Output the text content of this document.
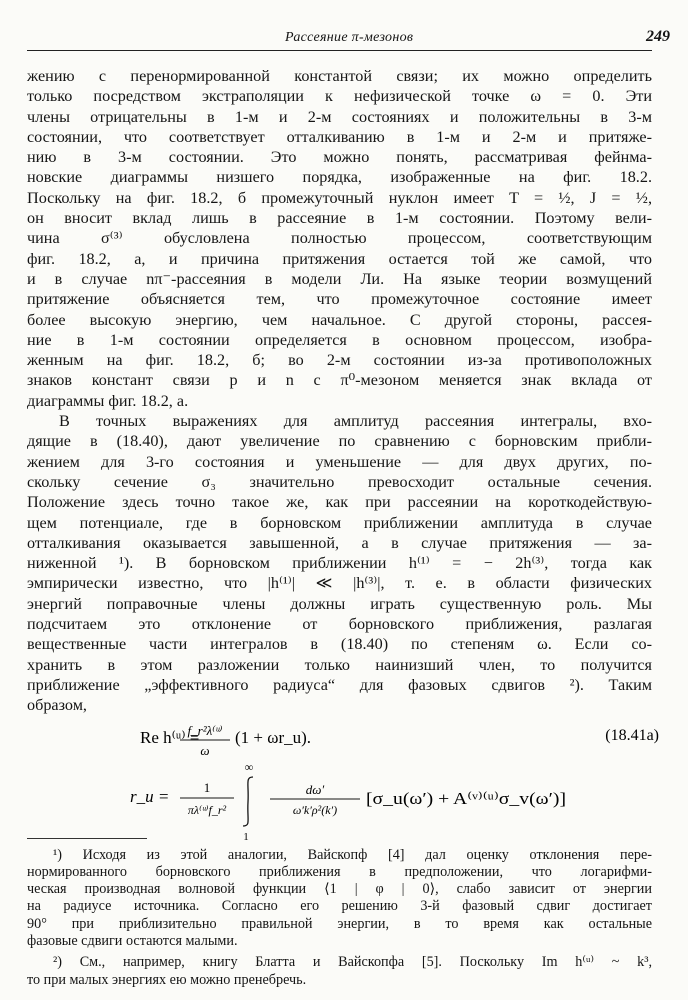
Рассеяние π-мезонов	249
жению с перенормированной константой связи; их можно определить
только посредством экстраполяции к нефизической точке ω = 0. Эти
члены отрицательны в 1-м и 2-м состояниях и положительны в 3-м
состоянии, что соответствует отталкиванию в 1-м и 2-м и притяже-
нию в 3-м состоянии. Это можно понять, рассматривая фейнма-
новские диаграммы низшего порядка, изображенные на фиг. 18.2.
Поскольку на фиг. 18.2, б промежуточный нуклон имеет T = ½, J = ½,
он вносит вклад лишь в рассеяние в 1-м состоянии. Поэтому вели-
чина σ⁽³⁾ обусловлена полностью процессом, соответствующим
фиг. 18.2, а, и причина притяжения остается той же самой, что
и в случае nπ⁻-рассеяния в модели Ли. На языке теории возмущений
притяжение объясняется тем, что промежуточное состояние имеет
более высокую энергию, чем начальное. С другой стороны, рассея-
ние в 1-м состоянии определяется в основном процессом, изобра-
женным на фиг. 18.2, б; во 2-м состоянии из-за противоположных
знаков констант связи p и n с π⁰-мезоном меняется знак вклада от
диаграммы фиг. 18.2, а.
В точных выражениях для амплитуд рассеяния интегралы, вхо-
дящие в (18.40), дают увеличение по сравнению с борновским прибли-
жением для 3-го состояния и уменьшение — для двух других, по-
скольку сечение σ₃ значительно превосходит остальные сечения.
Положение здесь точно такое же, как при рассеянии на короткодействую-
щем потенциале, где в борновском приближении амплитуда в случае
отталкивания оказывается завышенной, а в случае притяжения — за-
ниженной ¹). В борновском приближении h⁽¹⁾ = − 2h⁽³⁾, тогда как
эмпирически известно, что |h⁽¹⁾| ≪ |h⁽³⁾|, т. е. в области физических
энергий поправочные члены должны играть существенную роль. Мы
подсчитаем это отклонение от борновского приближения, разлагая
вещественные части интегралов в (18.40) по степеням ω. Если со-
хранить в этом разложении только наинизший член, то получится
приближение „эффективного радиуса“ для фазовых сдвигов ²). Таким
образом,
Re h⁽ᵘ⁾ =
f_r²λ⁽ᵘ⁾
ω
(1 + ωr_u).	(18.41а)
r_u =	1
πλ⁽ᵘ⁾f_r²
∞
1
dω′
ω′k′ρ²(k′)
[σ_u(ω′) + A⁽ᵛ⁾⁽ᵘ⁾σ_v(ω′)]
¹) Исходя из этой аналогии, Вайскопф [4] дал оценку отклонения пере-
нормированного борновского приближения в предположении, что логарифми-
ческая производная волновой функции ⟨1 | φ | 0⟩, слабо зависит от энергии
на радиусе источника. Согласно его решению 3-й фазовый сдвиг достигает
90° при приблизительно правильной энергии, в то время как остальные
фазовые сдвиги остаются малыми.
²) См., например, книгу Блатта и Вайскопфа [5]. Поскольку Im h⁽ᵘ⁾ ~ k³,
то при малых энергиях ею можно пренебречь.
